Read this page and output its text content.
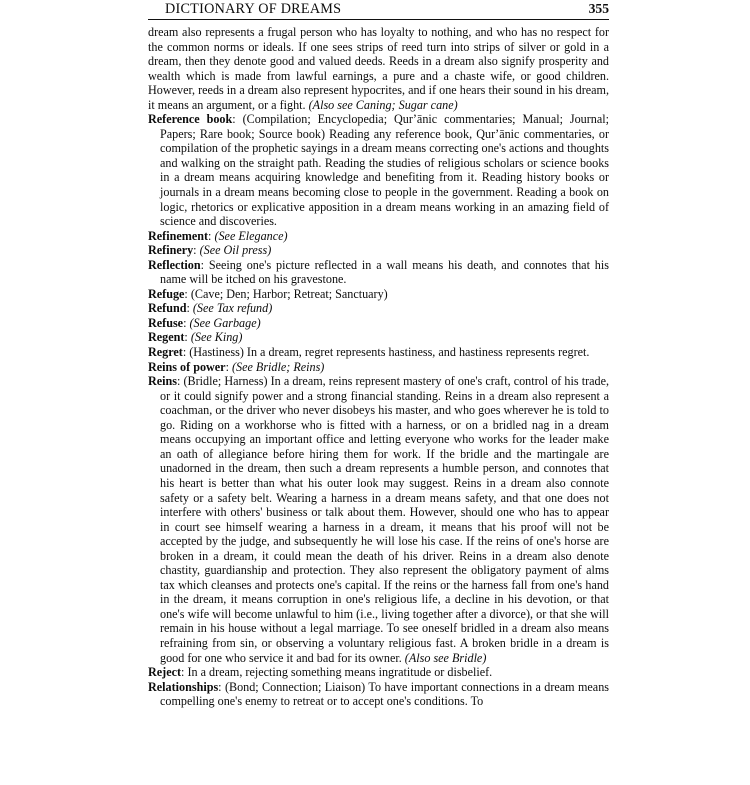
DICTIONARY OF DREAMS	355

dream also represents a frugal person who has loyalty to nothing, and who has no respect for the common norms or ideals. If one sees strips of reed turn into strips of silver or gold in a dream, then they denote good and valued deeds. Reeds in a dream also signify prosperity and wealth which is made from lawful earnings, a pure and a chaste wife, or good children. However, reeds in a dream also represent hypocrites, and if one hears their sound in his dream, it means an argument, or a fight. (Also see Caning; Sugar cane)

Reference book: (Compilation; Encyclopedia; Qurʼānic commentaries; Manual; Journal; Papers; Rare book; Source book) Reading any reference book, Qurʼānic commentaries, or compilation of the prophetic sayings in a dream means correcting one's actions and thoughts and walking on the straight path. Reading the studies of religious scholars or science books in a dream means acquiring knowledge and benefiting from it. Reading history books or journals in a dream means becoming close to people in the government. Reading a book on logic, rhetorics or explicative apposition in a dream means working in an amazing field of science and discoveries.

Refinement: (See Elegance)

Refinery: (See Oil press)

Reflection: Seeing one's picture reflected in a wall means his death, and connotes that his name will be itched on his gravestone.

Refuge: (Cave; Den; Harbor; Retreat; Sanctuary)

Refund: (See Tax refund)

Refuse: (See Garbage)

Regent: (See King)

Regret: (Hastiness) In a dream, regret represents hastiness, and hastiness represents regret.

Reins of power: (See Bridle; Reins)

Reins: (Bridle; Harness) In a dream, reins represent mastery of one's craft, control of his trade, or it could signify power and a strong financial standing. Reins in a dream also represent a coachman, or the driver who never disobeys his master, and who goes wherever he is told to go. Riding on a workhorse who is fitted with a harness, or on a bridled nag in a dream means occupying an important office and letting everyone who works for the leader make an oath of allegiance before hiring them for work. If the bridle and the martingale are unadorned in the dream, then such a dream represents a humble person, and connotes that his heart is better than what his outer look may suggest. Reins in a dream also connote safety or a safety belt. Wearing a harness in a dream means safety, and that one does not interfere with others' business or talk about them. However, should one who has to appear in court see himself wearing a harness in a dream, it means that his proof will not be accepted by the judge, and subsequently he will lose his case. If the reins of one's horse are broken in a dream, it could mean the death of his driver. Reins in a dream also denote chastity, guardianship and protection. They also represent the obligatory payment of alms tax which cleanses and protects one's capital. If the reins or the harness fall from one's hand in the dream, it means corruption in one's religious life, a decline in his devotion, or that one's wife will become unlawful to him (i.e., living together after a divorce), or that she will remain in his house without a legal marriage. To see oneself bridled in a dream also means refraining from sin, or observing a voluntary religious fast. A broken bridle in a dream is good for one who service it and bad for its owner. (Also see Bridle)

Reject: In a dream, rejecting something means ingratitude or disbelief.

Relationships: (Bond; Connection; Liaison) To have important connections in a dream means compelling one's enemy to retreat or to accept one's conditions. To
